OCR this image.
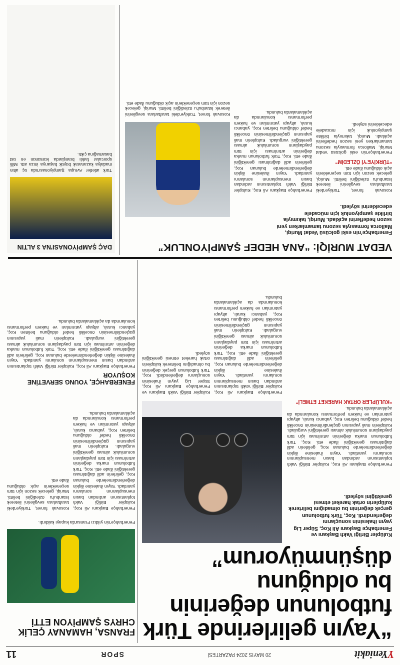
YYeniakit
20 MAYIS 2024 PAZARTESİ
SPOR
11
“Yayın gelirlerinde Türk futbolunun değerinin bu olduğunu düşünmüyorum”
Kulüpler Birliği Vakfı Başkanı ve Fenerbahçe Başkanı Ali Koç, Süper Lig yayın ihalesinin sonuçlarını değerlendirdi. Koç, Türk futbolunun gerçek değerinin bu olmadığını belirterek kulüplerin ortak hareket etmesi gerektiğini söyledi.

Fenerbahçe Başkanı Ali Koç, Kulüpler Birliği Vakfı toplantısının ardından basın mensuplarının sorularını yanıtladı. Yayın ihalesine ilişkin değerlendirmelerde bulunan Koç, gelirlerin adil dağıtılması gerektiğini ifade etti. Koç, Türk futbolunun marka değerinin artırılması için tüm paydaşların sorumluluk alması gerektiğini vurguladı. Kulüplerin mali yapısının güçlendirilmesinin öncelikli hedef olduğunu belirten Koç, yabancı kuralı, altyapı yatırımları ve hakem performansı konularında da açıklamalarda bulundu.

“KULÜPLER ORTAK HAREKET ETMELİ”

Fenerbahçe Başkanı Ali Koç, Kulüpler Birliği Vakfı toplantısının ardından basın mensuplarının sorularını yanıtladı. Yayın ihalesine ilişkin değerlendirmelerde bulunan Koç, gelirlerin adil dağıtılması gerektiğini ifade etti. Koç, Türk futbolunun marka değerinin artırılması için tüm paydaşların sorumluluk alması gerektiğini vurguladı. Kulüplerin mali yapısının güçlendirilmesinin öncelikli hedef olduğunu belirten Koç, yabancı kuralı, altyapı yatırımları ve hakem performansı konularında da açıklamalarda bulundu.

Kulüpler Birliği Vakfı Başkanı ve Fenerbahçe Başkanı Ali Koç, Süper Lig yayın ihalesinin sonuçlarını değerlendirdi. Koç, Türk futbolunun gerçek değerinin bu olmadığını belirterek kulüplerin ortak hareket etmesi gerektiğini söyledi.

FRANSA, HAMANAY ÇELİK CHRYS ŞAMPİYON ETTİ

Fenerbahçe'nin yıldızı Fransa'da kupayı kaldırdı.

Fenerbahçe Başkanı Ali Koç, Kulüpler Birliği Vakfı toplantısının ardından basın mensuplarının sorularını yanıtladı. Yayın ihalesine ilişkin değerlendirmelerde bulunan Koç, gelirlerin adil dağıtılması gerektiğini ifade etti. Koç, Türk futbolunun marka değerinin artırılması için tüm paydaşların sorumluluk alması gerektiğini vurguladı. Kulüplerin mali yapısının güçlendirilmesinin öncelikli hedef olduğunu belirten Koç, yabancı kuralı, altyapı yatırımları ve hakem performansı konularında da açıklamalarda bulundu.

Kosovalı forvet, Türkiye'deki taraftarlara sevgilerini ileterek İstanbul'u özlediğini belirtti. Muriqi, gelecek sezon için tüm seçeneklerin açık olduğunu ifade etti.

FENERBAHÇE, YOUNG SERVETİNE KOŞUYOR

Fenerbahçe Başkanı Ali Koç, Kulüpler Birliği Vakfı toplantısının ardından basın mensuplarının sorularını yanıtladı. Yayın ihalesine ilişkin değerlendirmelerde bulunan Koç, gelirlerin adil dağıtılması gerektiğini ifade etti. Koç, Türk futbolunun marka değerinin artırılması için tüm paydaşların sorumluluk alması gerektiğini vurguladı. Kulüplerin mali yapısının güçlendirilmesinin öncelikli hedef olduğunu belirten Koç, yabancı kuralı, altyapı yatırımları ve hakem performansı konularında da açıklamalarda bulundu.

VEDAT MURİQİ: “ANA HEDEF ŞAMPİYONLUK”
Fenerbahçe'nin eski golcüsü Vedat Muriqi, Mallorca formasıyla sezonu tamamlarken yeni sezon hedeflerini açıkladı. Muriqi, takımıyla birlikte şampiyonluk için mücadele edeceklerini söyledi.

Kosovalı forvet, Türkiye'deki taraftarlara sevgilerini ileterek İstanbul'u özlediğini belirtti. Muriqi, gelecek sezon için tüm seçeneklerin açık olduğunu ifade etti.

“TÜRKİYE'Yİ ÖZLEDİM”

Fenerbahçe'nin eski golcüsü Vedat Muriqi, Mallorca formasıyla sezonu tamamlarken yeni sezon hedeflerini açıkladı. Muriqi, takımıyla birlikte şampiyonluk için mücadele edeceklerini söyledi.

Fenerbahçe Başkanı Ali Koç, Kulüpler Birliği Vakfı toplantısının ardından basın mensuplarının sorularını yanıtladı. Yayın ihalesine ilişkin değerlendirmelerde bulunan Koç, gelirlerin adil dağıtılması gerektiğini ifade etti. Koç, Türk futbolunun marka değerinin artırılması için tüm paydaşların sorumluluk alması gerektiğini vurguladı. Kulüplerin mali yapısının güçlendirilmesinin öncelikli hedef olduğunu belirten Koç, yabancı kuralı, altyapı yatırımları ve hakem performansı konularında da açıklamalarda bulundu.

Kosovalı forvet, Türkiye'deki taraftarlara sevgilerini ileterek İstanbul'u özlediğini belirtti. Muriqi, gelecek sezon için tüm seçeneklerin açık olduğunu ifade etti.

DAÇ ŞAMPİYONASI'NA 3 ALTIN
Türk atletler Avrupa Şampiyonası'nda üç altın madalya kazanarak büyük başarıya imza attı. Milli sporcular farklı branşlarda kürsünün en üst basamağına çıktı.
